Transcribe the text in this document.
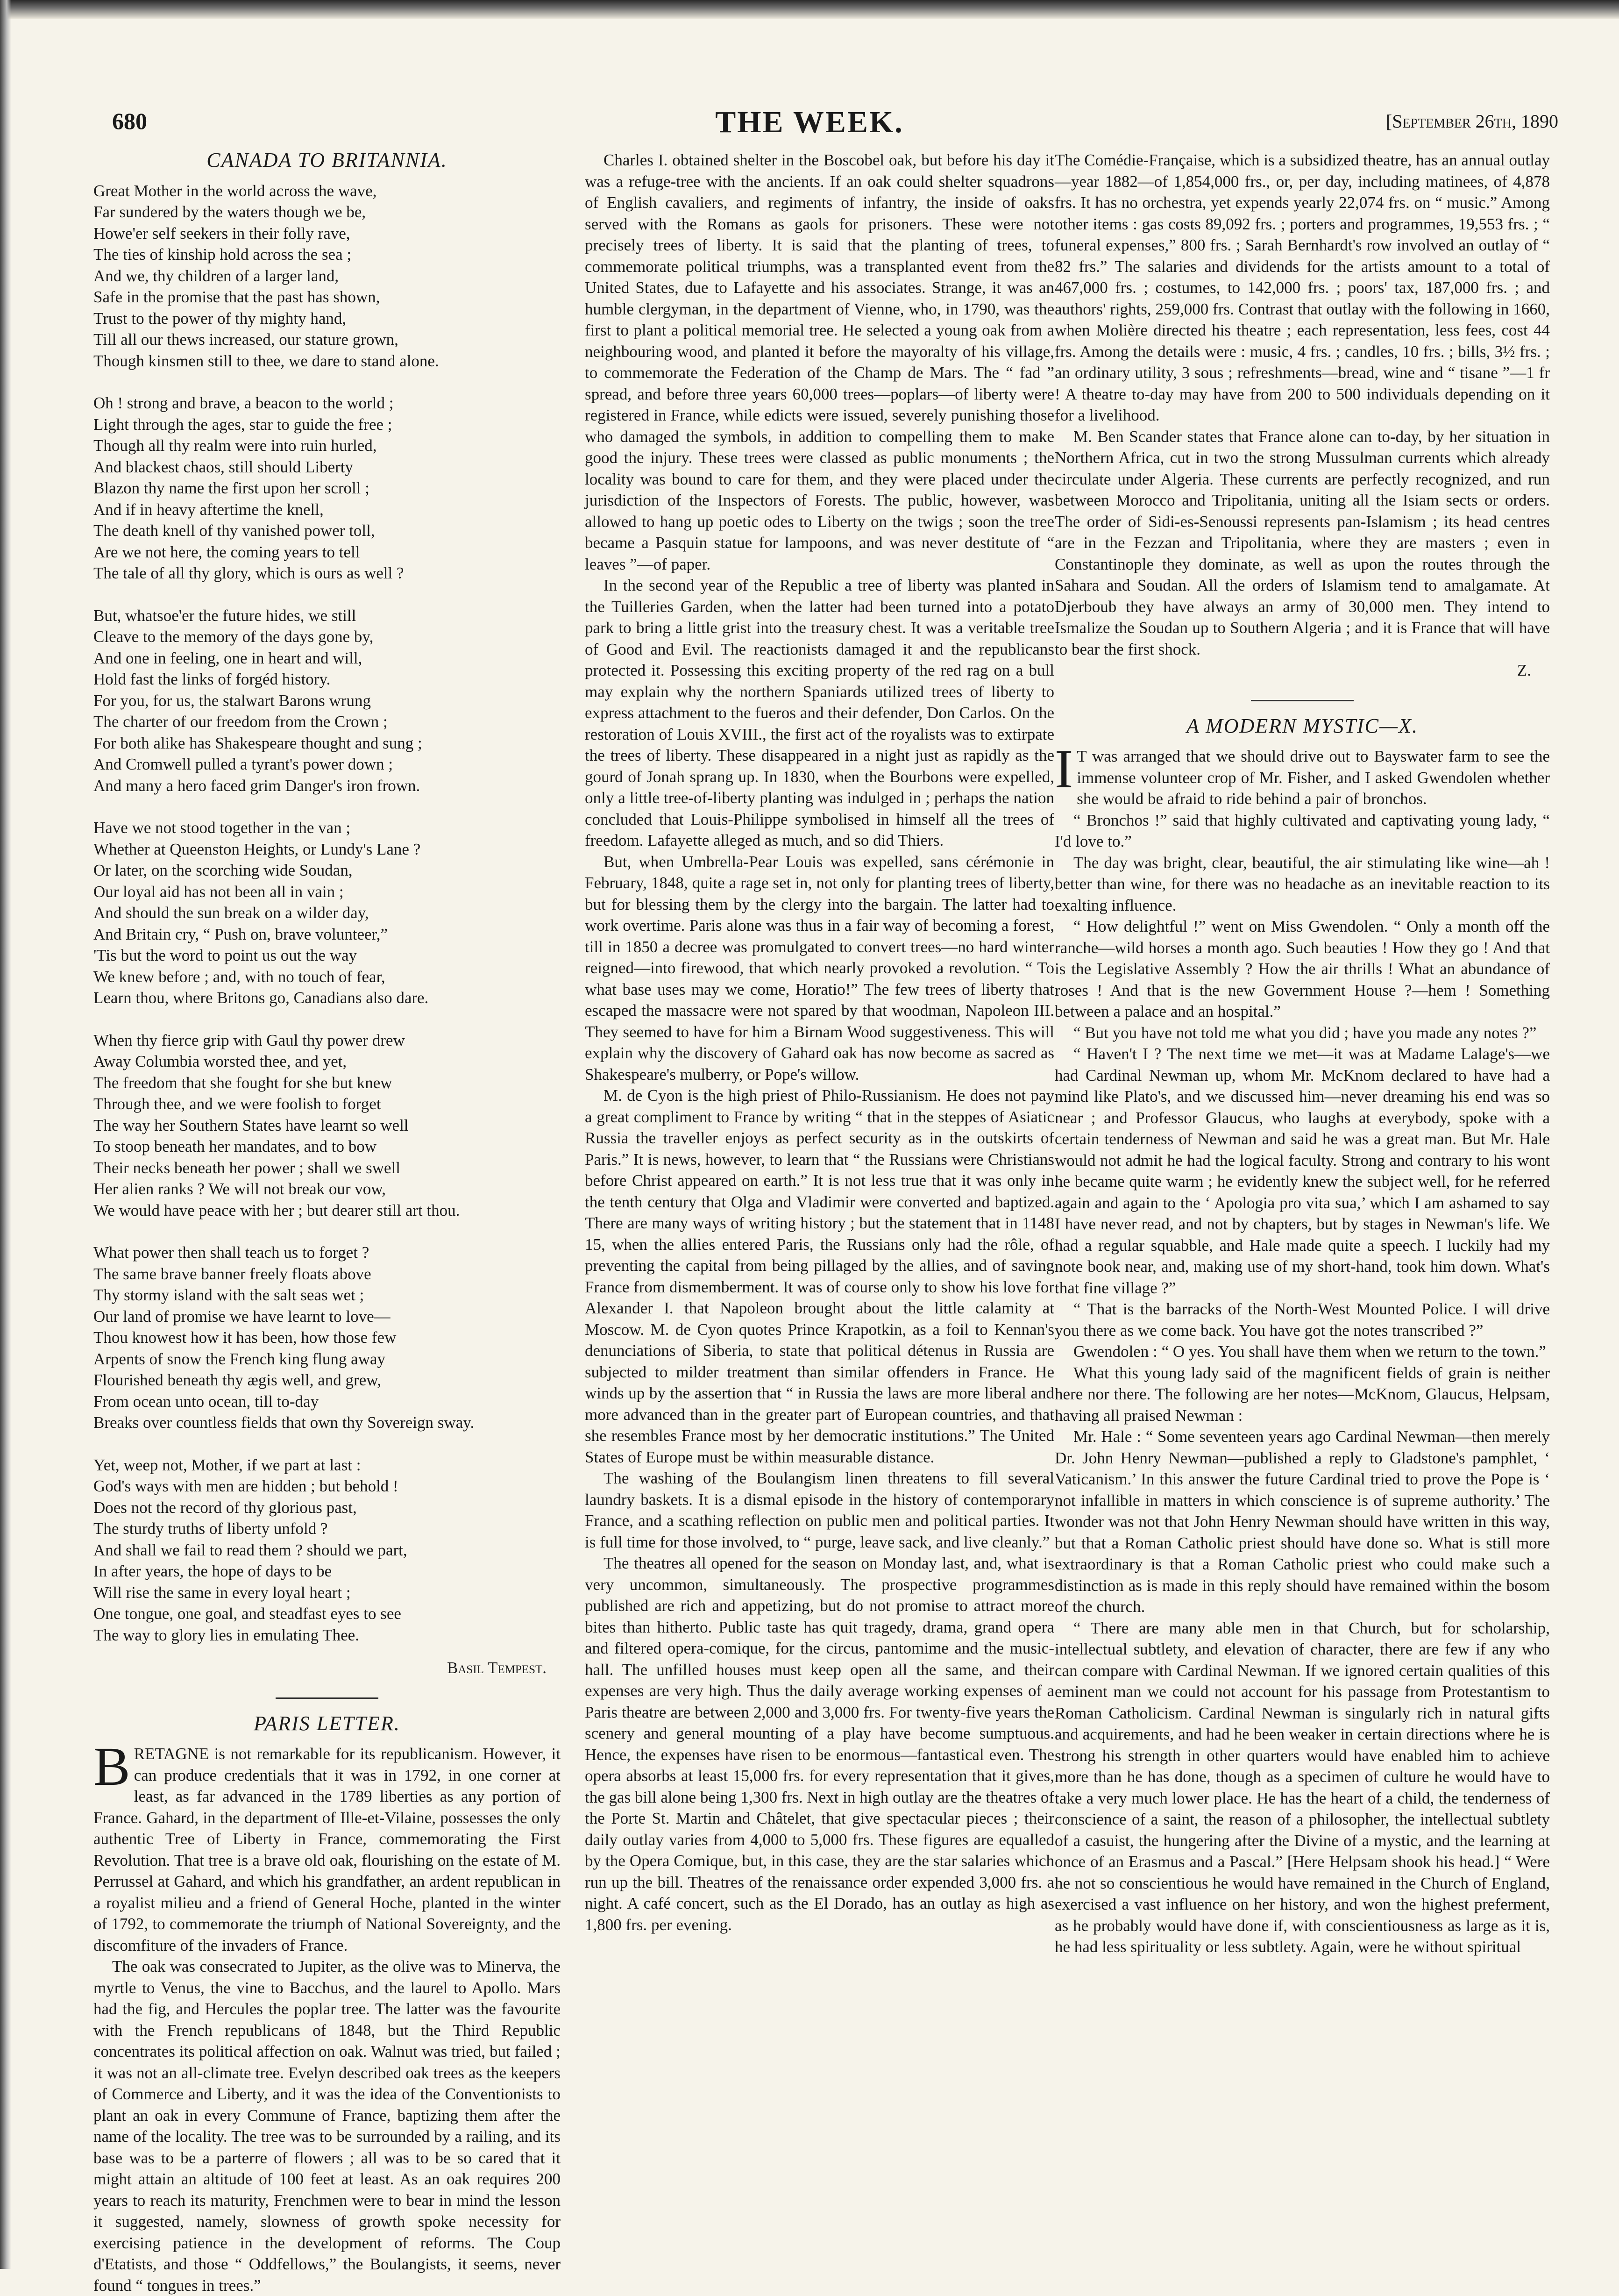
680	THE WEEK.	[September 26th, 1890
CANADA TO BRITANNIA.
Great Mother in the world across the wave,
Far sundered by the waters though we be,
Howe'er self seekers in their folly rave,
The ties of kinship hold across the sea ;
And we, thy children of a larger land,
Safe in the promise that the past has shown,
Trust to the power of thy mighty hand,
Till all our thews increased, our stature grown,
Though kinsmen still to thee, we dare to stand alone.
Oh ! strong and brave, a beacon to the world ;
Light through the ages, star to guide the free ;
Though all thy realm were into ruin hurled,
And blackest chaos, still should Liberty
Blazon thy name the first upon her scroll ;
And if in heavy aftertime the knell,
The death knell of thy vanished power toll,
Are we not here, the coming years to tell
The tale of all thy glory, which is ours as well ?
But, whatsoe'er the future hides, we still
Cleave to the memory of the days gone by,
And one in feeling, one in heart and will,
Hold fast the links of forgéd history.
For you, for us, the stalwart Barons wrung
The charter of our freedom from the Crown ;
For both alike has Shakespeare thought and sung ;
And Cromwell pulled a tyrant's power down ;
And many a hero faced grim Danger's iron frown.
Have we not stood together in the van ;
Whether at Queenston Heights, or Lundy's Lane ?
Or later, on the scorching wide Soudan,
Our loyal aid has not been all in vain ;
And should the sun break on a wilder day,
And Britain cry, “ Push on, brave volunteer,”
'Tis but the word to point us out the way
We knew before ; and, with no touch of fear,
Learn thou, where Britons go, Canadians also dare.
When thy fierce grip with Gaul thy power drew
Away Columbia worsted thee, and yet,
The freedom that she fought for she but knew
Through thee, and we were foolish to forget
The way her Southern States have learnt so well
To stoop beneath her mandates, and to bow
Their necks beneath her power ; shall we swell
Her alien ranks ? We will not break our vow,
We would have peace with her ; but dearer still art thou.
What power then shall teach us to forget ?
The same brave banner freely floats above
Thy stormy island with the salt seas wet ;
Our land of promise we have learnt to love—
Thou knowest how it has been, how those few
Arpents of snow the French king flung away
Flourished beneath thy ægis well, and grew,
From ocean unto ocean, till to-day
Breaks over countless fields that own thy Sovereign sway.
Yet, weep not, Mother, if we part at last :
God's ways with men are hidden ; but behold !
Does not the record of thy glorious past,
The sturdy truths of liberty unfold ?
And shall we fail to read them ? should we part,
In after years, the hope of days to be
Will rise the same in every loyal heart ;
One tongue, one goal, and steadfast eyes to see
The way to glory lies in emulating Thee.
Basil Tempest.
PARIS LETTER.

BRETAGNE is not remarkable for its republicanism. However, it can produce credentials that it was in 1792, in one corner at least, as far advanced in the 1789 liberties as any portion of France. Gahard, in the department of Ille-et-Vilaine, possesses the only authentic Tree of Liberty in France, commemorating the First Revolution. That tree is a brave old oak, flourishing on the estate of M. Perrussel at Gahard, and which his grandfather, an ardent republican in a royalist milieu and a friend of General Hoche, planted in the winter of 1792, to commemorate the triumph of National Sovereignty, and the discomfiture of the invaders of France.

The oak was consecrated to Jupiter, as the olive was to Minerva, the myrtle to Venus, the vine to Bacchus, and the laurel to Apollo. Mars had the fig, and Hercules the poplar tree. The latter was the favourite with the French republicans of 1848, but the Third Republic concentrates its political affection on oak. Walnut was tried, but failed ; it was not an all-climate tree. Evelyn described oak trees as the keepers of Commerce and Liberty, and it was the idea of the Conventionists to plant an oak in every Commune of France, baptizing them after the name of the locality. The tree was to be surrounded by a railing, and its base was to be a parterre of flowers ; all was to be so cared that it might attain an altitude of 100 feet at least. As an oak requires 200 years to reach its maturity, Frenchmen were to bear in mind the lesson it suggested, namely, slowness of growth spoke necessity for exercising patience in the development of reforms. The Coup d'Etatists, and those “ Oddfellows,” the Boulangists, it seems, never found “ tongues in trees.”

Charles I. obtained shelter in the Boscobel oak, but before his day it was a refuge-tree with the ancients. If an oak could shelter squadrons of English cavaliers, and regiments of infantry, the inside of oaks served with the Romans as gaols for prisoners. These were not precisely trees of liberty. It is said that the planting of trees, to commemorate political triumphs, was a transplanted event from the United States, due to Lafayette and his associates. Strange, it was an humble clergyman, in the department of Vienne, who, in 1790, was the first to plant a political memorial tree. He selected a young oak from a neighbouring wood, and planted it before the mayoralty of his village, to commemorate the Federation of the Champ de Mars. The “ fad ” spread, and before three years 60,000 trees—poplars—of liberty were registered in France, while edicts were issued, severely punishing those who damaged the symbols, in addition to compelling them to make good the injury. These trees were classed as public monuments ; the locality was bound to care for them, and they were placed under the jurisdiction of the Inspectors of Forests. The public, however, was allowed to hang up poetic odes to Liberty on the twigs ; soon the tree became a Pasquin statue for lampoons, and was never destitute of “ leaves ”—of paper.

In the second year of the Republic a tree of liberty was planted in the Tuilleries Garden, when the latter had been turned into a potato park to bring a little grist into the treasury chest. It was a veritable tree of Good and Evil. The reactionists damaged it and the republicans protected it. Possessing this exciting property of the red rag on a bull may explain why the northern Spaniards utilized trees of liberty to express attachment to the fueros and their defender, Don Carlos. On the restoration of Louis XVIII., the first act of the royalists was to extirpate the trees of liberty. These disappeared in a night just as rapidly as the gourd of Jonah sprang up. In 1830, when the Bourbons were expelled, only a little tree-of-liberty planting was indulged in ; perhaps the nation concluded that Louis-Philippe symbolised in himself all the trees of freedom. Lafayette alleged as much, and so did Thiers.

But, when Umbrella-Pear Louis was expelled, sans cérémonie in February, 1848, quite a rage set in, not only for planting trees of liberty, but for blessing them by the clergy into the bargain. The latter had to work overtime. Paris alone was thus in a fair way of becoming a forest, till in 1850 a decree was promulgated to convert trees—no hard winter reigned—into firewood, that which nearly provoked a revolution. “ To what base uses may we come, Horatio!” The few trees of liberty that escaped the massacre were not spared by that woodman, Napoleon III. They seemed to have for him a Birnam Wood suggestiveness. This will explain why the discovery of Gahard oak has now become as sacred as Shakespeare's mulberry, or Pope's willow.

M. de Cyon is the high priest of Philo-Russianism. He does not pay a great compliment to France by writing “ that in the steppes of Asiatic Russia the traveller enjoys as perfect security as in the outskirts of Paris.” It is news, however, to learn that “ the Russians were Christians before Christ appeared on earth.” It is not less true that it was only in the tenth century that Olga and Vladimir were converted and baptized. There are many ways of writing history ; but the statement that in 1148 15, when the allies entered Paris, the Russians only had the rôle, of preventing the capital from being pillaged by the allies, and of saving France from dismemberment. It was of course only to show his love for Alexander I. that Napoleon brought about the little calamity at Moscow. M. de Cyon quotes Prince Krapotkin, as a foil to Kennan's denunciations of Siberia, to state that political détenus in Russia are subjected to milder treatment than similar offenders in France. He winds up by the assertion that “ in Russia the laws are more liberal and more advanced than in the greater part of European countries, and that she resembles France most by her democratic institutions.” The United States of Europe must be within measurable distance.

The washing of the Boulangism linen threatens to fill several laundry baskets. It is a dismal episode in the history of contemporary France, and a scathing reflection on public men and political parties. It is full time for those involved, to “ purge, leave sack, and live cleanly.”

The theatres all opened for the season on Monday last, and, what is very uncommon, simultaneously. The prospective programmes published are rich and appetizing, but do not promise to attract more bites than hitherto. Public taste has quit tragedy, drama, grand opera and filtered opera-comique, for the circus, pantomime and the music-hall. The unfilled houses must keep open all the same, and their expenses are very high. Thus the daily average working expenses of a Paris theatre are between 2,000 and 3,000 frs. For twenty-five years the scenery and general mounting of a play have become sumptuous. Hence, the expenses have risen to be enormous—fantastical even. The opera absorbs at least 15,000 frs. for every representation that it gives, the gas bill alone being 1,300 frs. Next in high outlay are the theatres of the Porte St. Martin and Châtelet, that give spectacular pieces ; their daily outlay varies from 4,000 to 5,000 frs. These figures are equalled by the Opera Comique, but, in this case, they are the star salaries which run up the bill. Theatres of the renaissance order expended 3,000 frs. a night. A café concert, such as the El Dorado, has an outlay as high as 1,800 frs. per evening.

The Comédie-Française, which is a subsidized theatre, has an annual outlay—year 1882—of 1,854,000 frs., or, per day, including matinees, of 4,878 frs. It has no orchestra, yet expends yearly 22,074 frs. on “ music.” Among other items : gas costs 89,092 frs. ; porters and programmes, 19,553 frs. ; “ funeral expenses,” 800 frs. ; Sarah Bernhardt's row involved an outlay of “ 82 frs.” The salaries and dividends for the artists amount to a total of 467,000 frs. ; costumes, to 142,000 frs. ; poors' tax, 187,000 frs. ; and authors' rights, 259,000 frs. Contrast that outlay with the following in 1660, when Molière directed his theatre ; each representation, less fees, cost 44 frs. Among the details were : music, 4 frs. ; candles, 10 frs. ; bills, 3½ frs. ; an ordinary utility, 3 sous ; refreshments—bread, wine and “ tisane ”—1 fr ! A theatre to-day may have from 200 to 500 individuals depending on it for a livelihood.

M. Ben Scander states that France alone can to-day, by her situation in Northern Africa, cut in two the strong Mussulman currents which already circulate under Algeria. These currents are perfectly recognized, and run between Morocco and Tripolitania, uniting all the Isiam sects or orders. The order of Sidi-es-Senoussi represents pan-Islamism ; its head centres are in the Fezzan and Tripolitania, where they are masters ; even in Constantinople they dominate, as well as upon the routes through the Sahara and Soudan. All the orders of Islamism tend to amalgamate. At Djerboub they have always an army of 30,000 men. They intend to Ismalize the Soudan up to Southern Algeria ; and it is France that will have to bear the first shock.

Z.
A MODERN MYSTIC—X.

IT was arranged that we should drive out to Bayswater farm to see the immense volunteer crop of Mr. Fisher, and I asked Gwendolen whether she would be afraid to ride behind a pair of bronchos.

“ Bronchos !” said that highly cultivated and captivating young lady, “ I'd love to.”

The day was bright, clear, beautiful, the air stimulating like wine—ah ! better than wine, for there was no headache as an inevitable reaction to its exalting influence.

“ How delightful !” went on Miss Gwendolen. “ Only a month off the ranche—wild horses a month ago. Such beauties ! How they go ! And that is the Legislative Assembly ? How the air thrills ! What an abundance of roses ! And that is the new Government House ?—hem ! Something between a palace and an hospital.”

“ But you have not told me what you did ; have you made any notes ?”

“ Haven't I ? The next time we met—it was at Madame Lalage's—we had Cardinal Newman up, whom Mr. McKnom declared to have had a mind like Plato's, and we discussed him—never dreaming his end was so near ; and Professor Glaucus, who laughs at everybody, spoke with a certain tenderness of Newman and said he was a great man. But Mr. Hale would not admit he had the logical faculty. Strong and contrary to his wont he became quite warm ; he evidently knew the subject well, for he referred again and again to the ‘ Apologia pro vita sua,’ which I am ashamed to say I have never read, and not by chapters, but by stages in Newman's life. We had a regular squabble, and Hale made quite a speech. I luckily had my note book near, and, making use of my short-hand, took him down. What's that fine village ?”

“ That is the barracks of the North-West Mounted Police. I will drive you there as we come back. You have got the notes transcribed ?”

Gwendolen : “ O yes. You shall have them when we return to the town.”

What this young lady said of the magnificent fields of grain is neither here nor there. The following are her notes—McKnom, Glaucus, Helpsam, having all praised Newman :

Mr. Hale : “ Some seventeen years ago Cardinal Newman—then merely Dr. John Henry Newman—published a reply to Gladstone's pamphlet, ‘ Vaticanism.’ In this answer the future Cardinal tried to prove the Pope is ‘ not infallible in matters in which conscience is of supreme authority.’ The wonder was not that John Henry Newman should have written in this way, but that a Roman Catholic priest should have done so. What is still more extraordinary is that a Roman Catholic priest who could make such a distinction as is made in this reply should have remained within the bosom of the church.

“ There are many able men in that Church, but for scholarship, intellectual subtlety, and elevation of character, there are few if any who can compare with Cardinal Newman. If we ignored certain qualities of this eminent man we could not account for his passage from Protestantism to Roman Catholicism. Cardinal Newman is singularly rich in natural gifts and acquirements, and had he been weaker in certain directions where he is strong his strength in other quarters would have enabled him to achieve more than he has done, though as a specimen of culture he would have to take a very much lower place. He has the heart of a child, the tenderness of conscience of a saint, the reason of a philosopher, the intellectual subtlety of a casuist, the hungering after the Divine of a mystic, and the learning at once of an Erasmus and a Pascal.” [Here Helpsam shook his head.] “ Were he not so conscientious he would have remained in the Church of England, exercised a vast influence on her history, and won the highest preferment, as he probably would have done if, with conscientiousness as large as it is, he had less spirituality or less subtlety. Again, were he without spiritual
